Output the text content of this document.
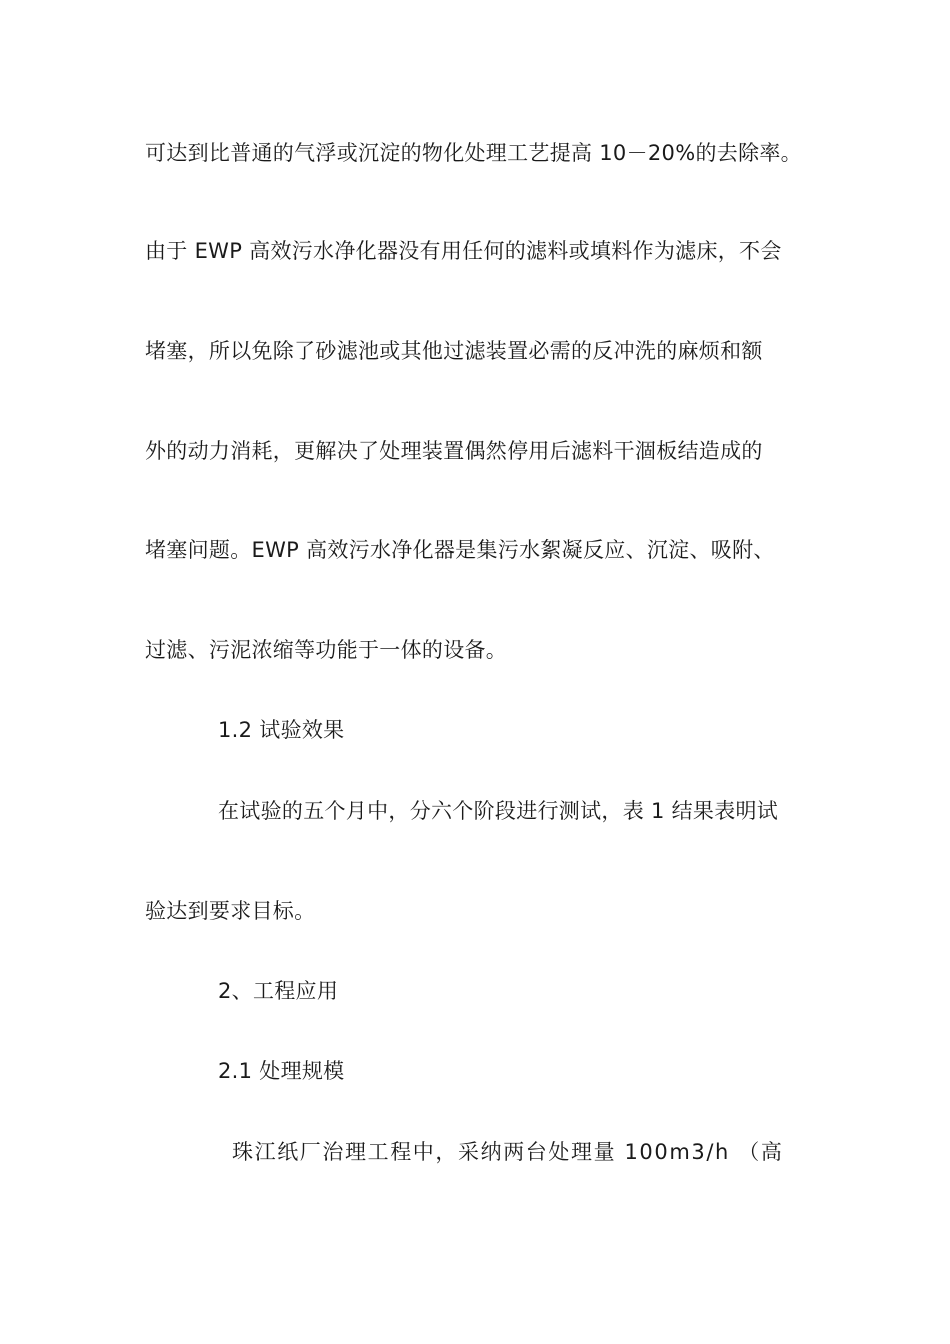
可达到比普通的气浮或沉淀的物化处理工艺提高 10－20%的去除率。
由于 EWP 高效污水净化器没有用任何的滤料或填料作为滤床，不会
堵塞，所以免除了砂滤池或其他过滤装置必需的反冲洗的麻烦和额
外的动力消耗，更解决了处理装置偶然停用后滤料干涸板结造成的
堵塞问题。EWP 高效污水净化器是集污水絮凝反应、沉淀、吸附、
过滤、污泥浓缩等功能于一体的设备。
1.2 试验效果
在试验的五个月中，分六个阶段进行测试，表 1 结果表明试
验达到要求目标。
2、工程应用
2.1 处理规模
珠江纸厂治理工程中，采纳两台处理量 100m3/h （高
